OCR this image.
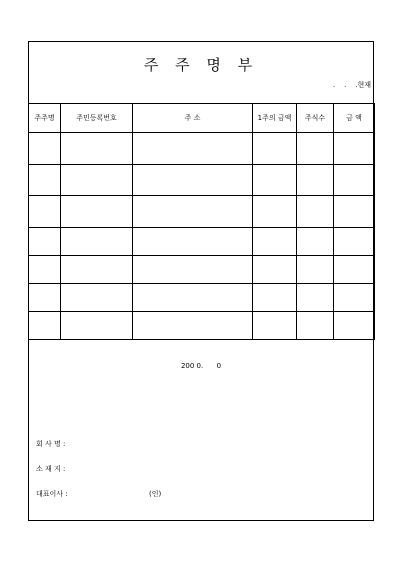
주 주 명 부
.    .    .현재
주주명	주민등록번호	주 소	1주의 금액	주식수	금 액

200 0.      0
회 사 명 :
소 재 지 :
대표이사 :	(인)
